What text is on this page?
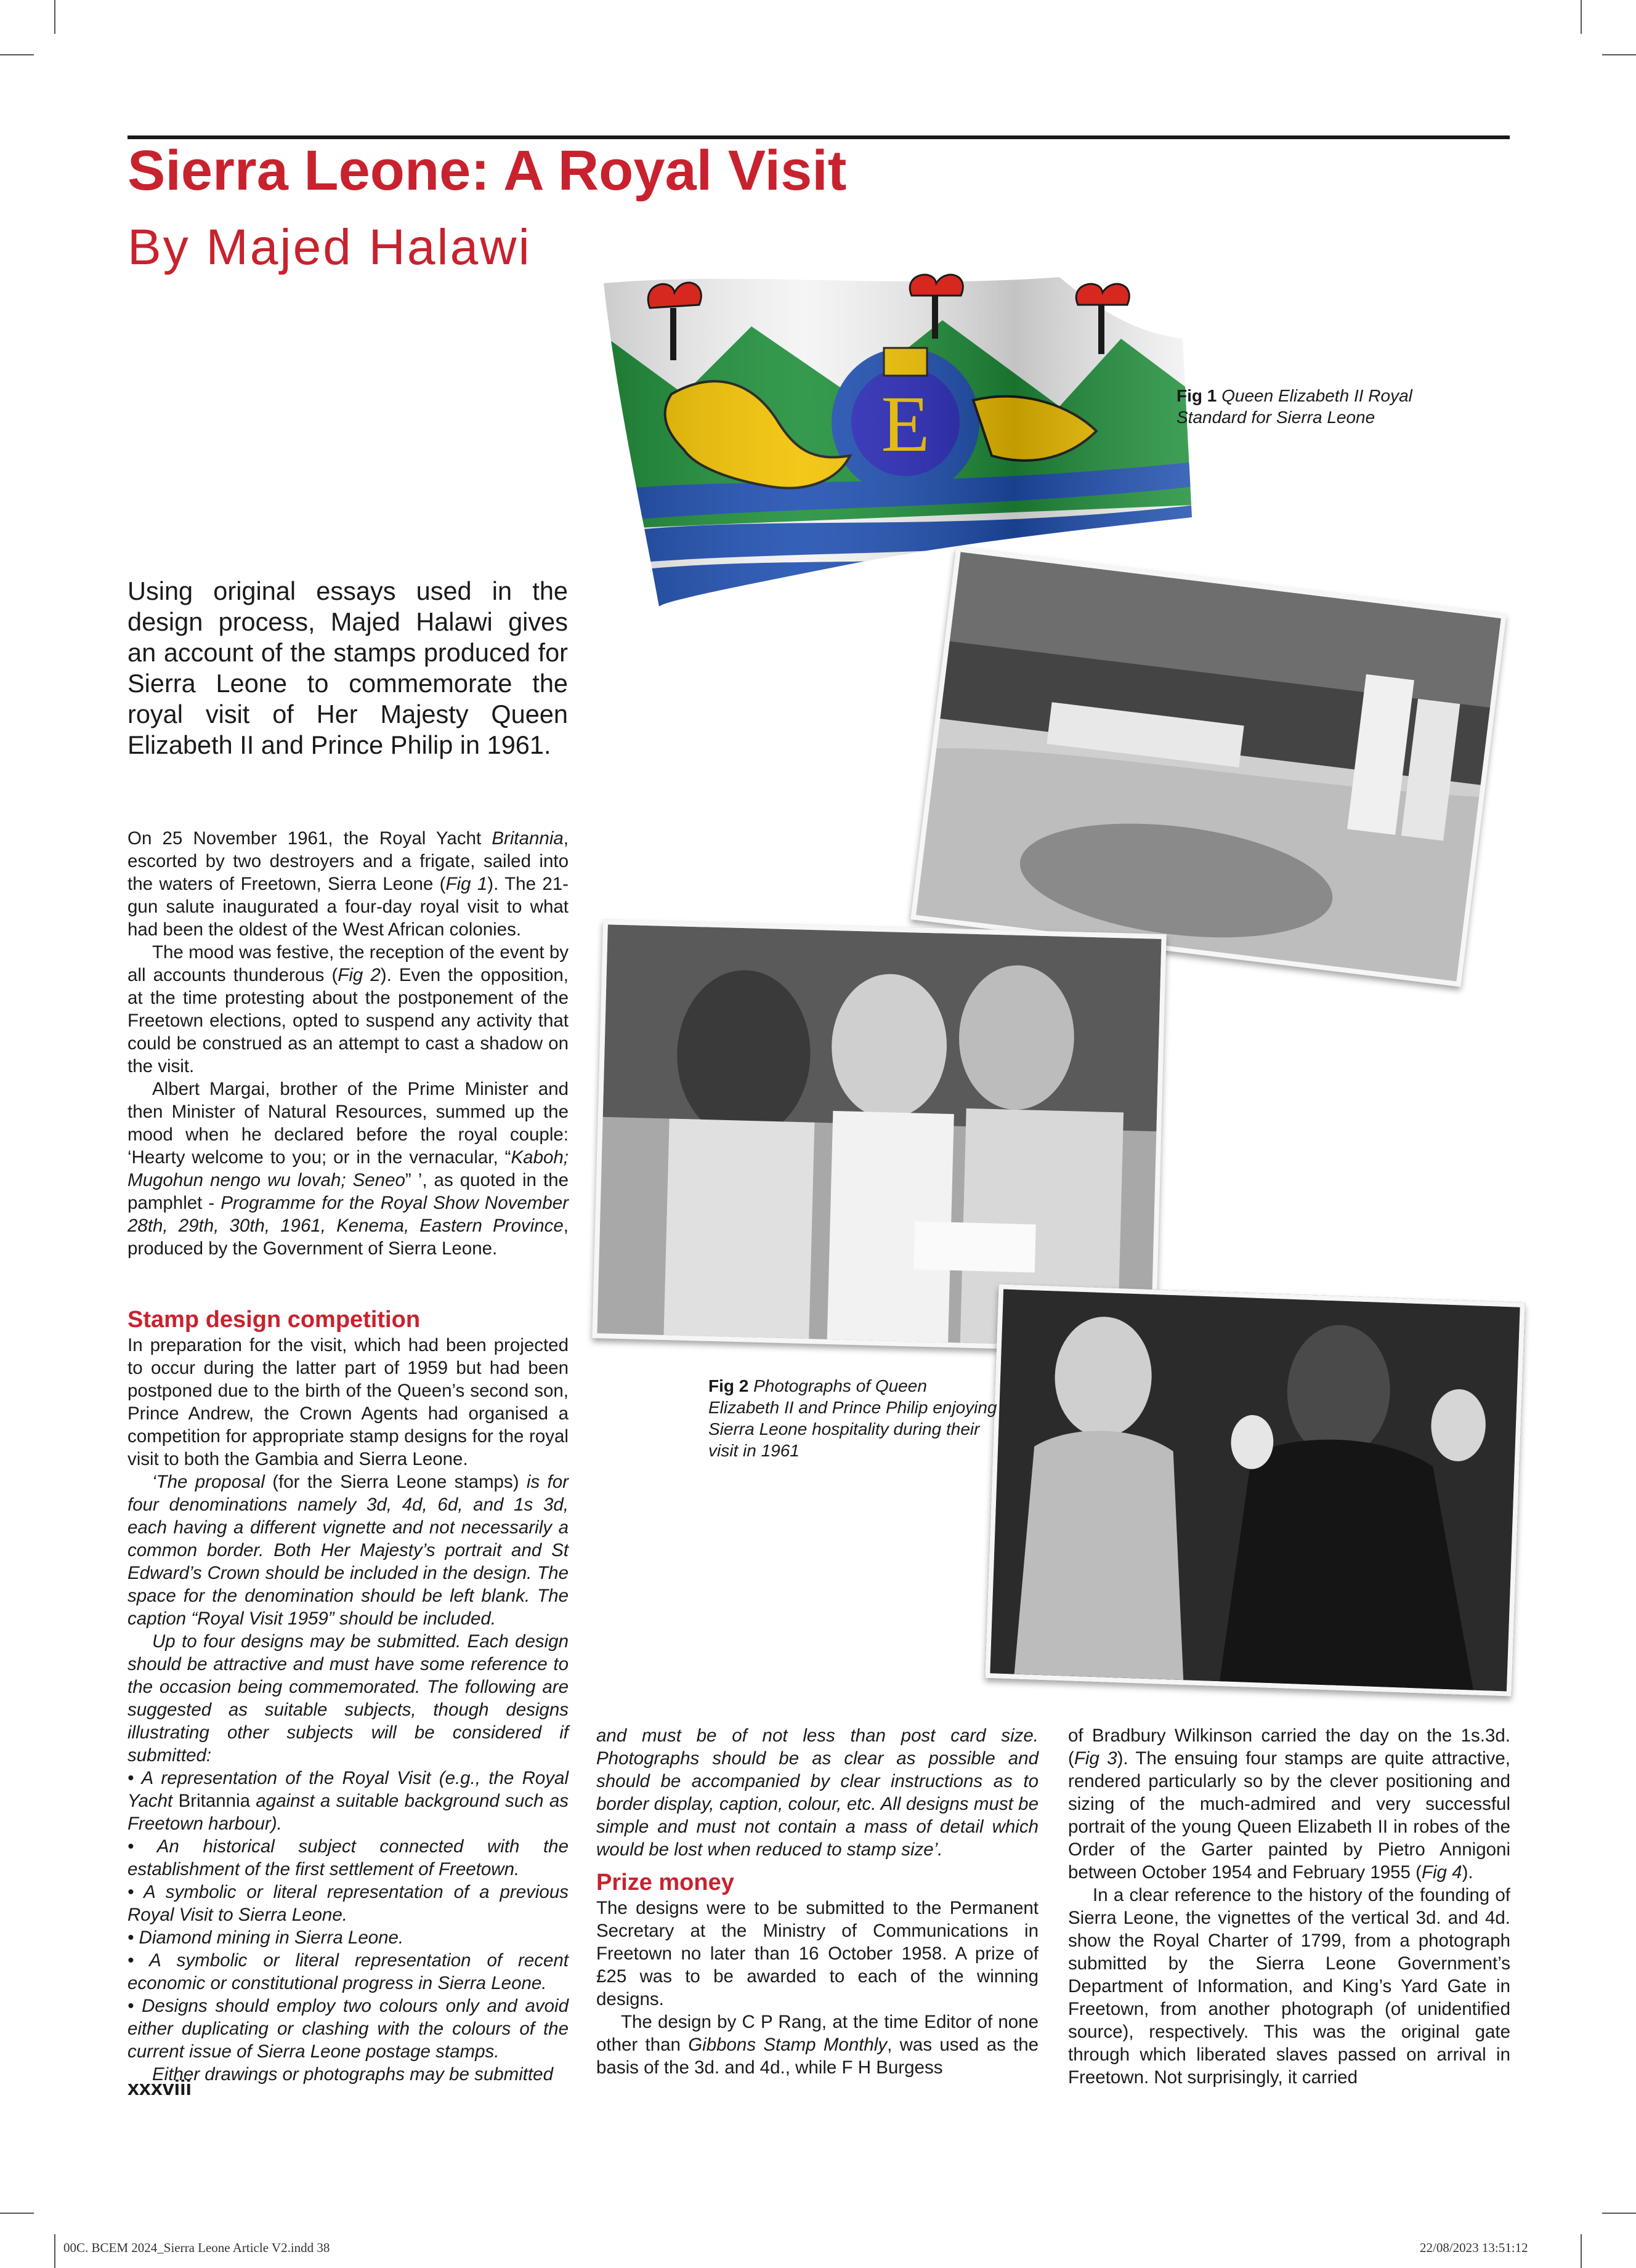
Sierra Leone: A Royal Visit
By Majed Halawi
Fig 1 Queen Elizabeth II Royal Standard for Sierra Leone
Using original essays used in the design process, Majed Halawi gives an account of the stamps produced for Sierra Leone to commemorate the royal visit of Her Majesty Queen Elizabeth II and Prince Philip in 1961.
Fig 2 Photographs of Queen Elizabeth II and Prince Philip enjoying Sierra Leone hospitality during their visit in 1961

On 25 November 1961, the Royal Yacht Britannia, escorted by two destroyers and a frigate, sailed into the waters of Freetown, Sierra Leone (Fig 1). The 21-gun salute inaugurated a four-day royal visit to what had been the oldest of the West African colonies.

The mood was festive, the reception of the event by all accounts thunderous (Fig 2). Even the opposition, at the time protesting about the postponement of the Freetown elections, opted to suspend any activity that could be construed as an attempt to cast a shadow on the visit.

Albert Margai, brother of the Prime Minister and then Minister of Natural Resources, summed up the mood when he declared before the royal couple: ‘Hearty welcome to you; or in the vernacular, “Kaboh; Mugohun nengo wu lovah; Seneo” ’, as quoted in the pamphlet - Programme for the Royal Show November 28th, 29th, 30th, 1961, Kenema, Eastern Province, produced by the Government of Sierra Leone.

Stamp design competition

In preparation for the visit, which had been projected to occur during the latter part of 1959 but had been postponed due to the birth of the Queen’s second son, Prince Andrew, the Crown Agents had organised a competition for appropriate stamp designs for the royal visit to both the Gambia and Sierra Leone.

‘The proposal (for the Sierra Leone stamps) is for four denominations namely 3d, 4d, 6d, and 1s 3d, each having a different vignette and not necessarily a common border. Both Her Majesty’s portrait and St Edward’s Crown should be included in the design. The space for the denomination should be left blank. The caption “Royal Visit 1959” should be included.

Up to four designs may be submitted. Each design should be attractive and must have some reference to the occasion being commemorated. The following are suggested as suitable subjects, though designs illustrating other subjects will be considered if submitted:

• A representation of the Royal Visit (e.g., the Royal Yacht Britannia against a suitable background such as Freetown harbour).

• An historical subject connected with the establishment of the first settlement of Freetown.

• A symbolic or literal representation of a previous Royal Visit to Sierra Leone.

• Diamond mining in Sierra Leone.

• A symbolic or literal representation of recent economic or constitutional progress in Sierra Leone.

• Designs should employ two colours only and avoid either duplicating or clashing with the colours of the current issue of Sierra Leone postage stamps.

Either drawings or photographs may be submitted

and must be of not less than post card size. Photographs should be as clear as possible and should be accompanied by clear instructions as to border display, caption, colour, etc. All designs must be simple and must not contain a mass of detail which would be lost when reduced to stamp size’.

Prize money

The designs were to be submitted to the Permanent Secretary at the Ministry of Communications in Freetown no later than 16 October 1958. A prize of £25 was to be awarded to each of the winning designs.

The design by C P Rang, at the time Editor of none other than Gibbons Stamp Monthly, was used as the basis of the 3d. and 4d., while F H Burgess

of Bradbury Wilkinson carried the day on the 1s.3d. (Fig 3). The ensuing four stamps are quite attractive, rendered particularly so by the clever positioning and sizing of the much-admired and very successful portrait of the young Queen Elizabeth II in robes of the Order of the Garter painted by Pietro Annigoni between October 1954 and February 1955 (Fig 4).

In a clear reference to the history of the founding of Sierra Leone, the vignettes of the vertical 3d. and 4d. show the Royal Charter of 1799, from a photograph submitted by the Sierra Leone Government’s Department of Information, and King’s Yard Gate in Freetown, from another photograph (of unidentified source), respectively. This was the original gate through which liberated slaves passed on arrival in Freetown. Not surprisingly, it carried

xxxviii
00C. BCEM 2024_Sierra Leone Article V2.indd 38	22/08/2023 13:51:12
